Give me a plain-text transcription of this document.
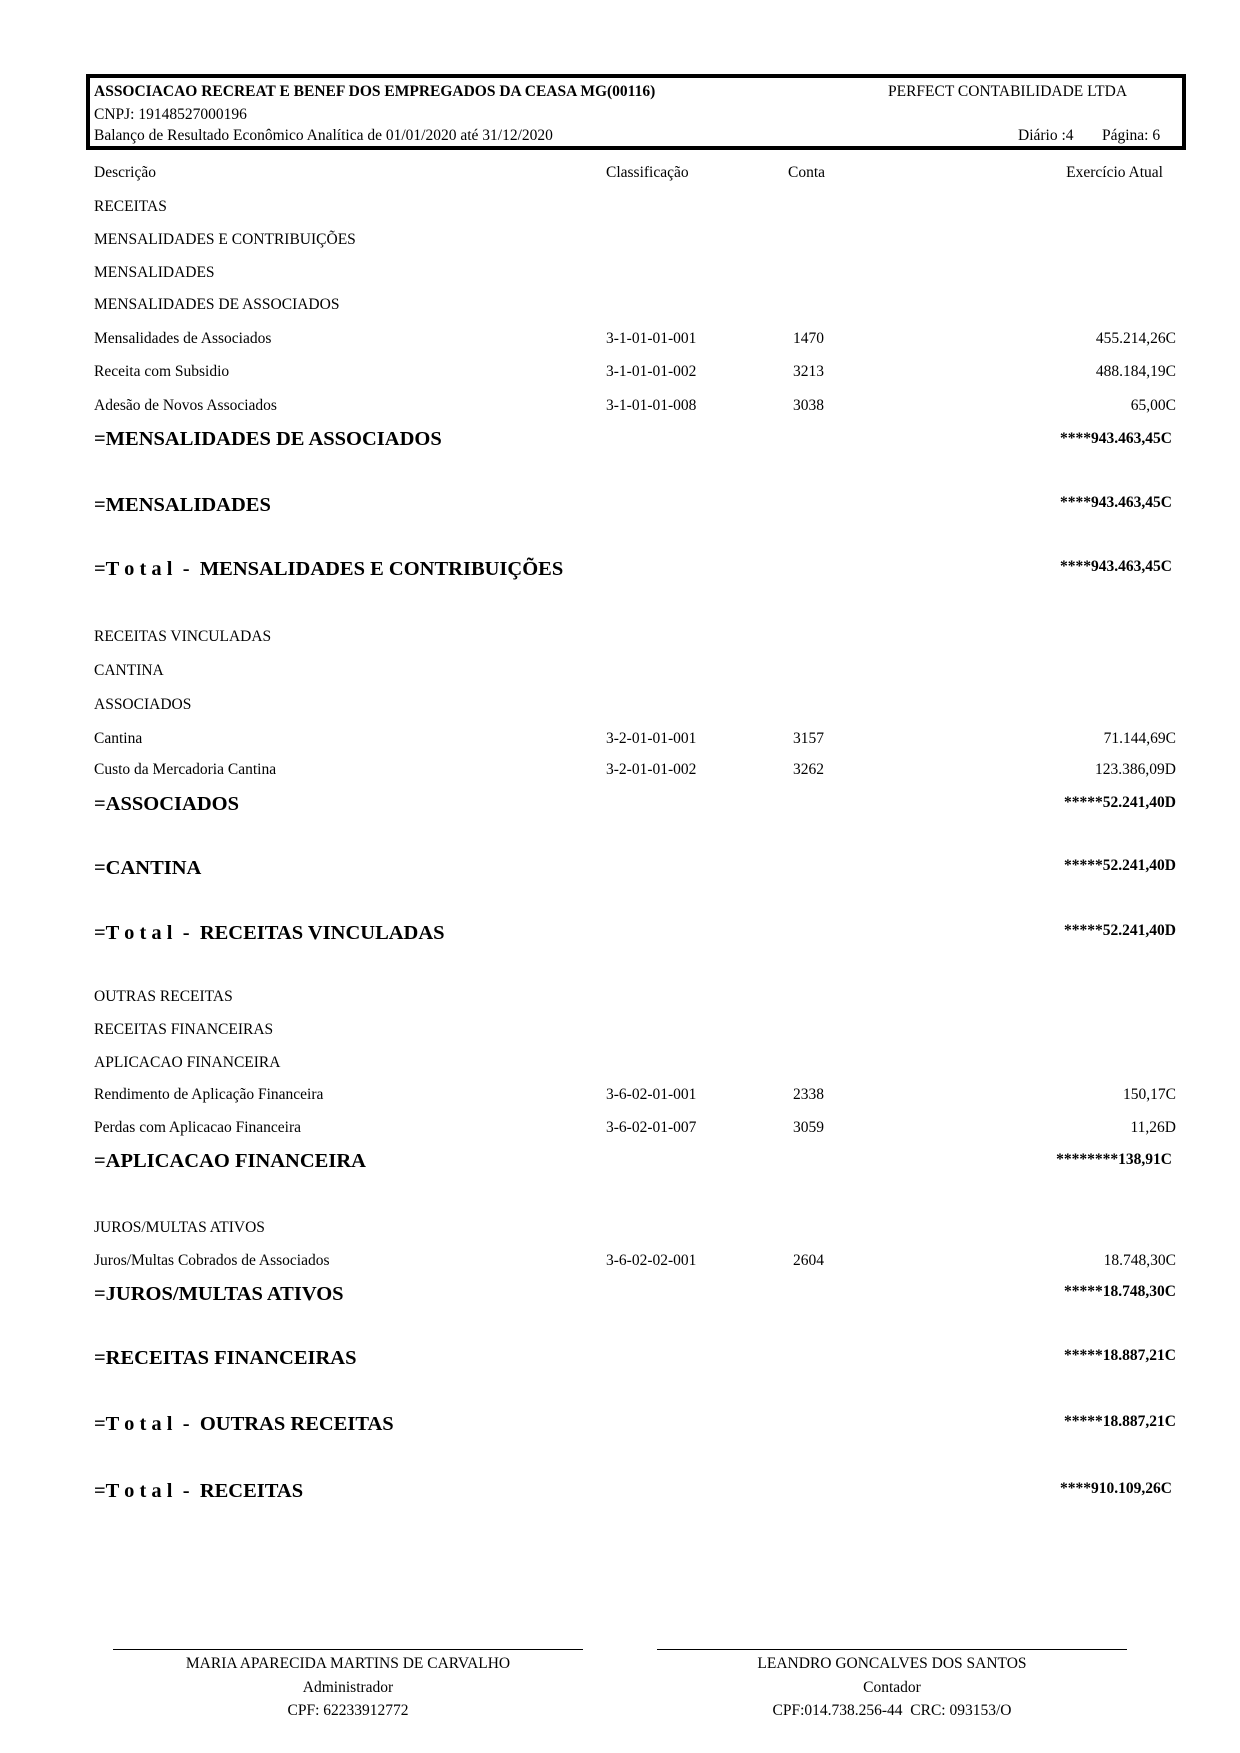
ASSOCIACAO RECREAT E BENEF DOS EMPREGADOS DA CEASA MG(00116)	PERFECT CONTABILIDADE LTDA
CNPJ: 19148527000196
Balanço de Resultado Econômico Analítica de 01/01/2020 até 31/12/2020	Diário :4 Página: 6
Descrição	Classificação	Conta	Exercício Atual
RECEITAS
MENSALIDADES E CONTRIBUIÇÕES
MENSALIDADES
MENSALIDADES DE ASSOCIADOS
Mensalidades de Associados	3-1-01-01-001	1470	455.214,26C
Receita com Subsidio	3-1-01-01-002	3213	488.184,19C
Adesão de Novos Associados	3-1-01-01-008	3038	65,00C
=MENSALIDADES DE ASSOCIADOS	****943.463,45C
=MENSALIDADES	****943.463,45C
=T o t a l  -  MENSALIDADES E CONTRIBUIÇÕES	****943.463,45C
RECEITAS VINCULADAS
CANTINA
ASSOCIADOS
Cantina	3-2-01-01-001	3157	71.144,69C
Custo da Mercadoria Cantina	3-2-01-01-002	3262	123.386,09D
=ASSOCIADOS	*****52.241,40D
=CANTINA	*****52.241,40D
=T o t a l  -  RECEITAS VINCULADAS	*****52.241,40D
OUTRAS RECEITAS
RECEITAS FINANCEIRAS
APLICACAO FINANCEIRA
Rendimento de Aplicação Financeira	3-6-02-01-001	2338	150,17C
Perdas com Aplicacao Financeira	3-6-02-01-007	3059	11,26D
=APLICACAO FINANCEIRA	********138,91C
JUROS/MULTAS ATIVOS
Juros/Multas Cobrados de Associados	3-6-02-02-001	2604	18.748,30C
=JUROS/MULTAS ATIVOS	*****18.748,30C
=RECEITAS FINANCEIRAS	*****18.887,21C
=T o t a l  -  OUTRAS RECEITAS	*****18.887,21C
=T o t a l  -  RECEITAS	****910.109,26C
MARIA APARECIDA MARTINS DE CARVALHO
Administrador
CPF: 62233912772
LEANDRO GONCALVES DOS SANTOS
Contador
CPF:014.738.256-44  CRC: 093153/O
